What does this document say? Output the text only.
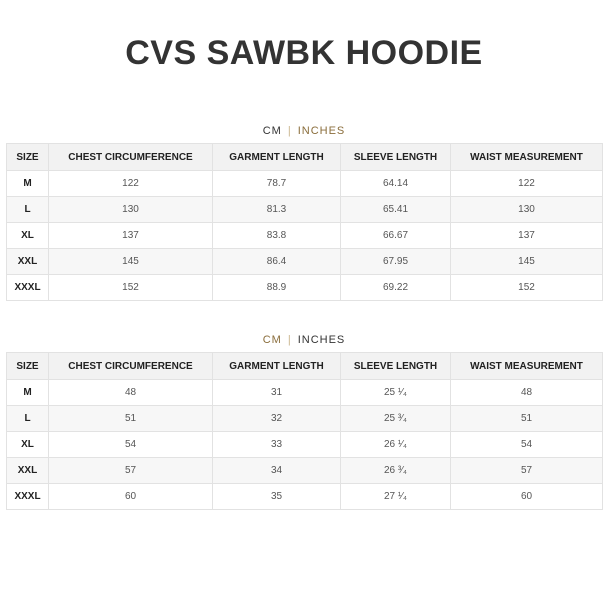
CVS SAWBK HOODIE
CM | INCHES
SIZE	CHEST CIRCUMFERENCE	GARMENT LENGTH	SLEEVE LENGTH	WAIST MEASUREMENT
M	122	78.7	64.14	122
L	130	81.3	65.41	130
XL	137	83.8	66.67	137
XXL	145	86.4	67.95	145
XXXL	152	88.9	69.22	152
CM | INCHES
SIZE	CHEST CIRCUMFERENCE	GARMENT LENGTH	SLEEVE LENGTH	WAIST MEASUREMENT
M	48	31	25 ¹⁄₄	48
L	51	32	25 ³⁄₄	51
XL	54	33	26 ¹⁄₄	54
XXL	57	34	26 ³⁄₄	57
XXXL	60	35	27 ¹⁄₄	60
